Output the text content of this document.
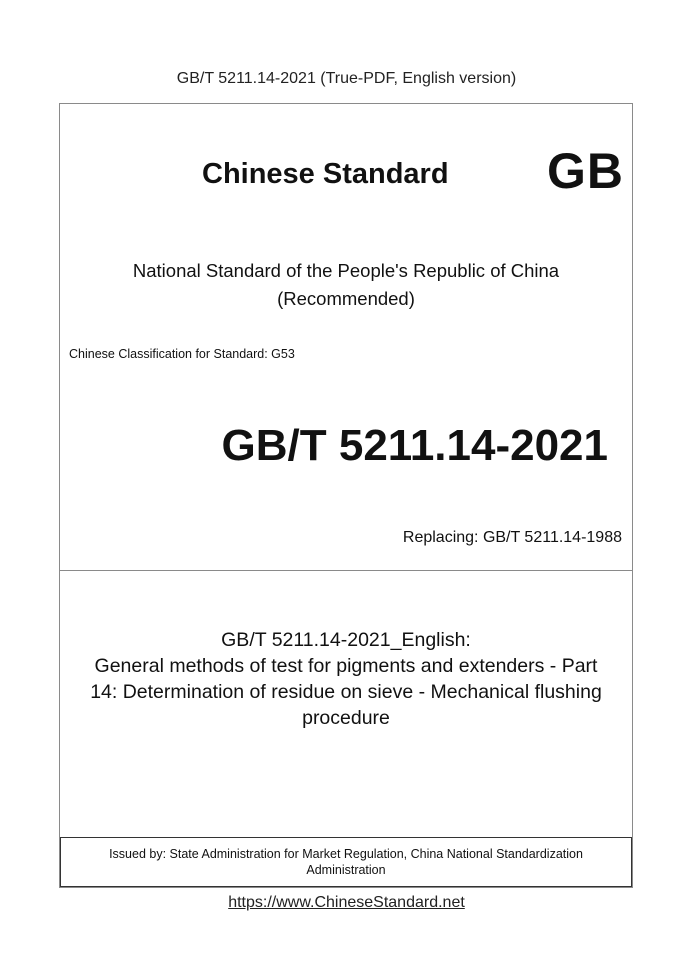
GB/T 5211.14-2021 (True-PDF, English version)
Chinese Standard GB
National Standard of the People's Republic of China
(Recommended)
Chinese Classification for Standard: G53
GB/T 5211.14-2021
Replacing: GB/T 5211.14-1988
GB/T 5211.14-2021_English:
General methods of test for pigments and extenders - Part
14: Determination of residue on sieve - Mechanical flushing
procedure
Issued by: State Administration for Market Regulation, China National Standardization
Administration
https://www.ChineseStandard.net
